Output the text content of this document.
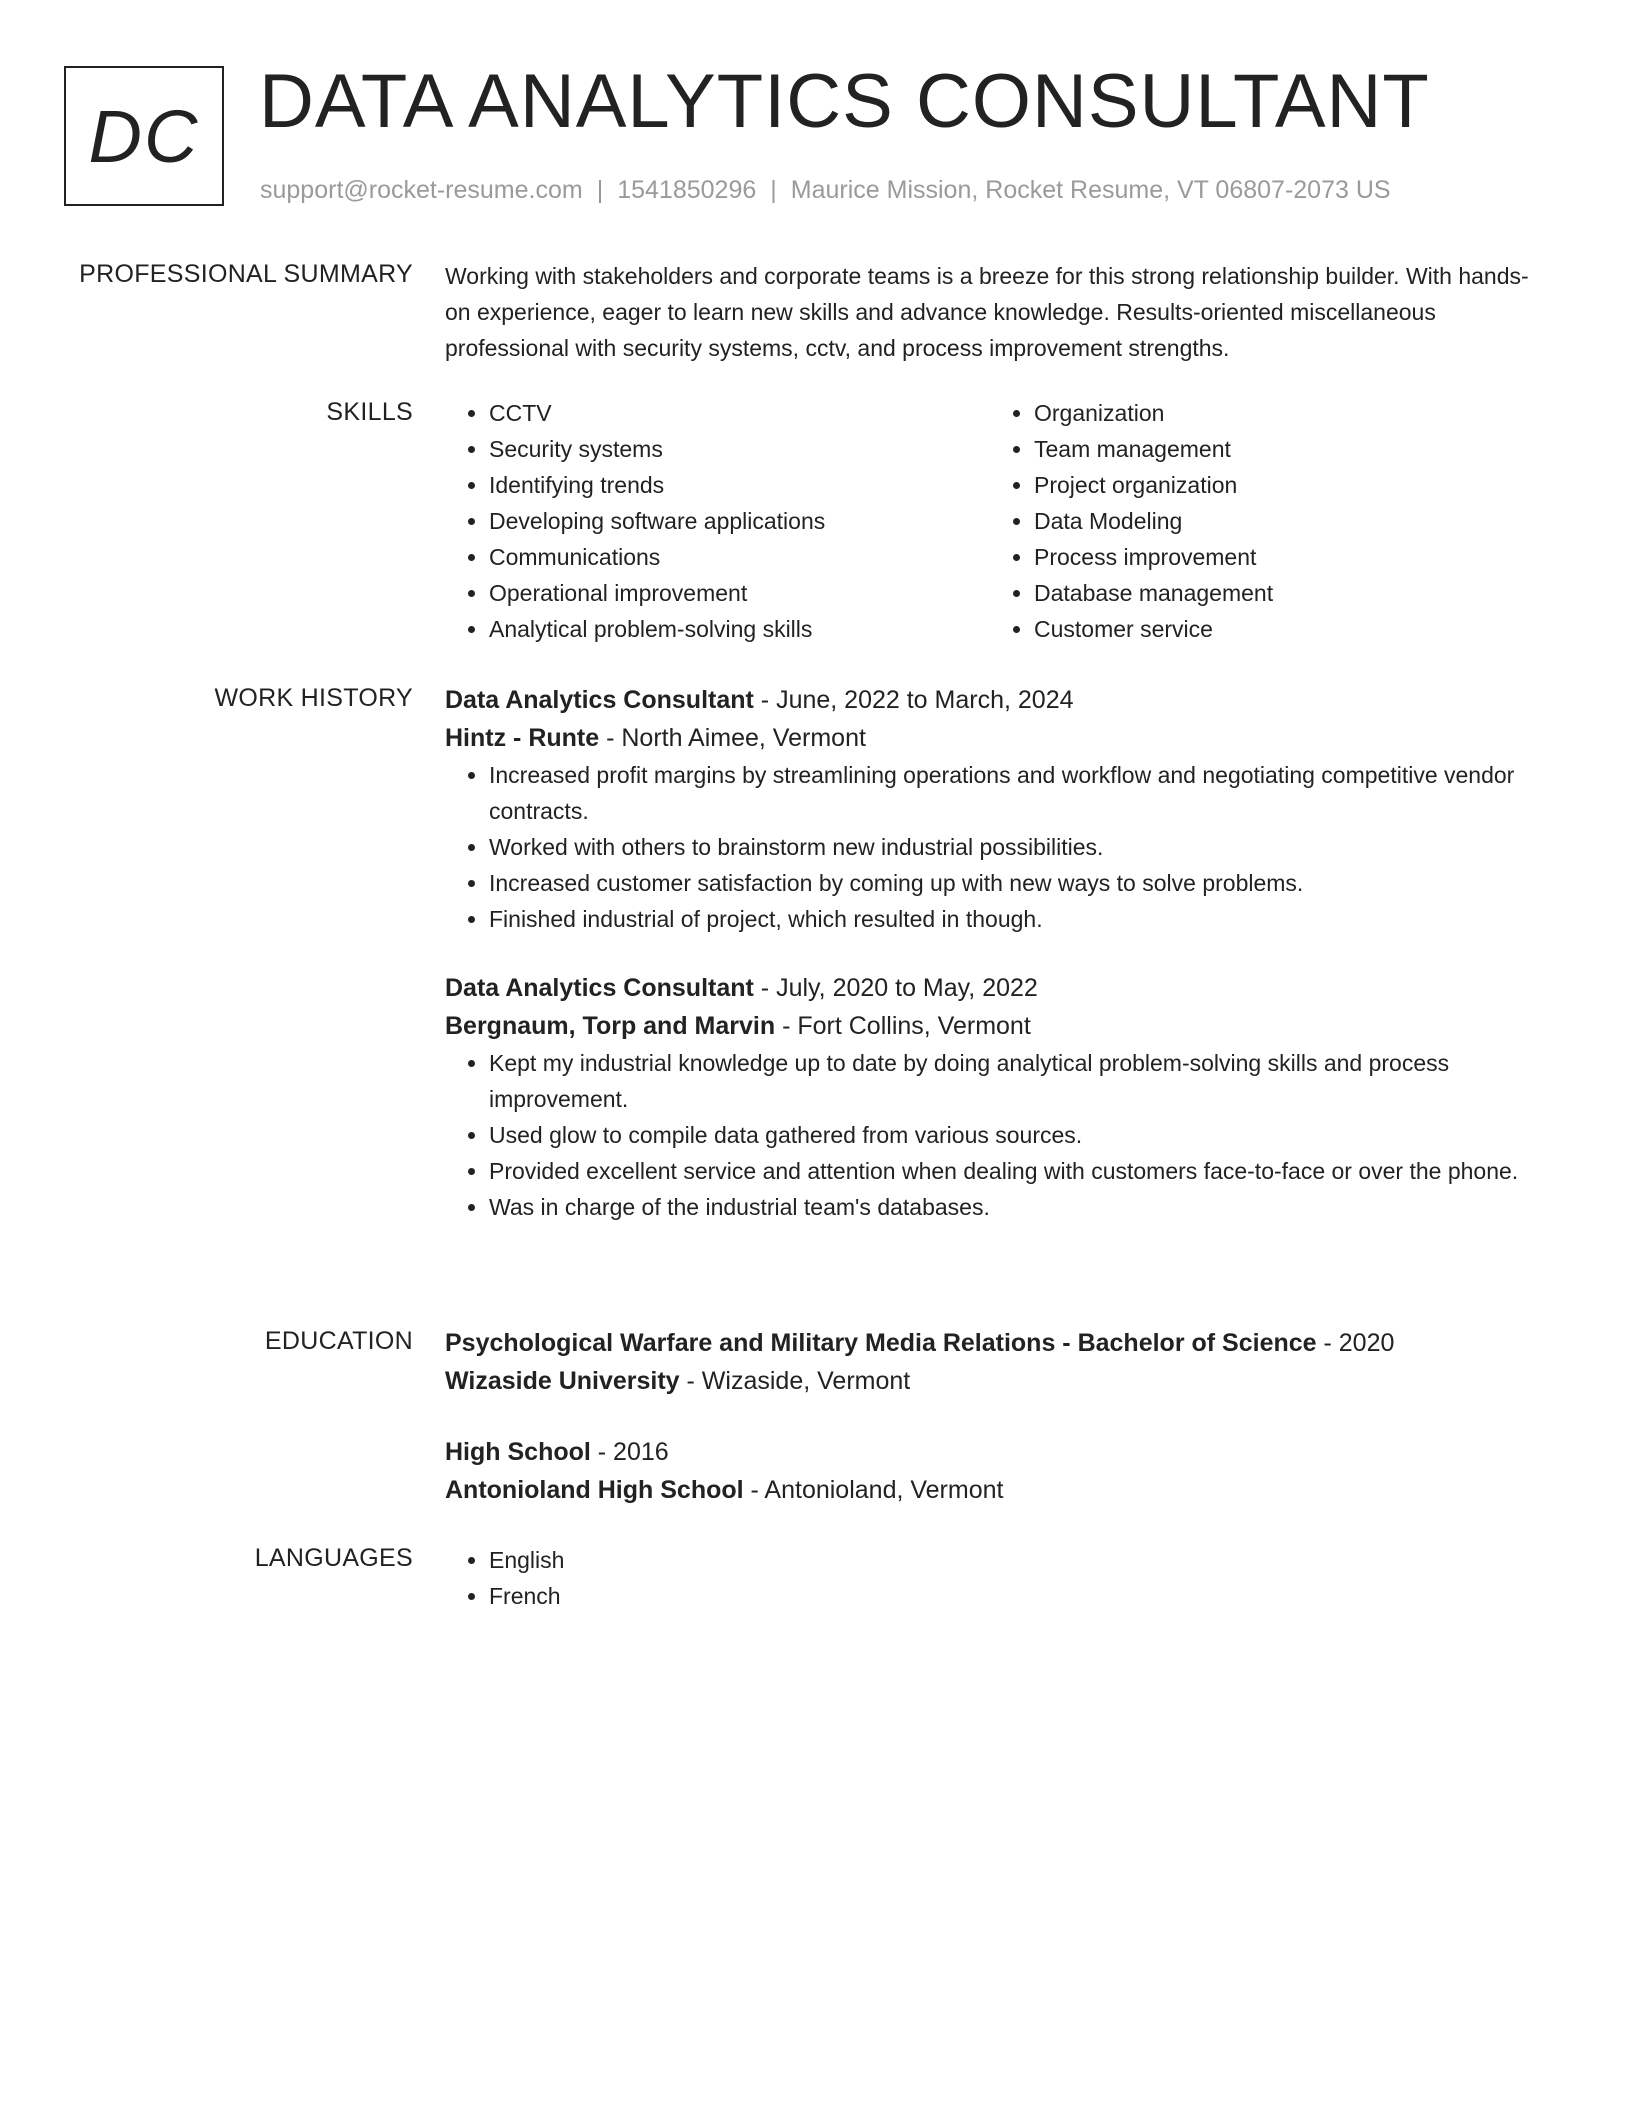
DC DATA ANALYTICS CONSULTANT
support@rocket-resume.com | 1541850296 | Maurice Mission, Rocket Resume, VT 06807-2073 US
PROFESSIONAL SUMMARY Working with stakeholders and corporate teams is a breeze for this strong relationship builder. With hands-on experience, eager to learn new skills and advance knowledge. Results-oriented miscellaneous professional with security systems, cctv, and process improvement strengths.

SKILLS	• CCTV
• Security systems
• Identifying trends
• Developing software applications
• Communications
• Operational improvement
• Analytical problem-solving skills
• Organization
• Team management
• Project organization
• Data Modeling
• Process improvement
• Database management
• Customer service
WORK HISTORY Data Analytics Consultant - June, 2022 to March, 2024

Hintz - Runte - North Aimee, Vermont

• Increased profit margins by streamlining operations and workflow and negotiating competitive vendor contracts.
• Worked with others to brainstorm new industrial possibilities.
• Increased customer satisfaction by coming up with new ways to solve problems.
• Finished industrial of project, which resulted in though.

Data Analytics Consultant - July, 2020 to May, 2022

Bergnaum, Torp and Marvin - Fort Collins, Vermont

• Kept my industrial knowledge up to date by doing analytical problem-solving skills and process improvement.
• Used glow to compile data gathered from various sources.
• Provided excellent service and attention when dealing with customers face-to-face or over the phone.
• Was in charge of the industrial team's databases.
EDUCATION Psychological Warfare and Military Media Relations - Bachelor of Science - 2020

Wizaside University - Wizaside, Vermont

High School - 2016

Antonioland High School - Antonioland, Vermont

LANGUAGES	• English
• French
